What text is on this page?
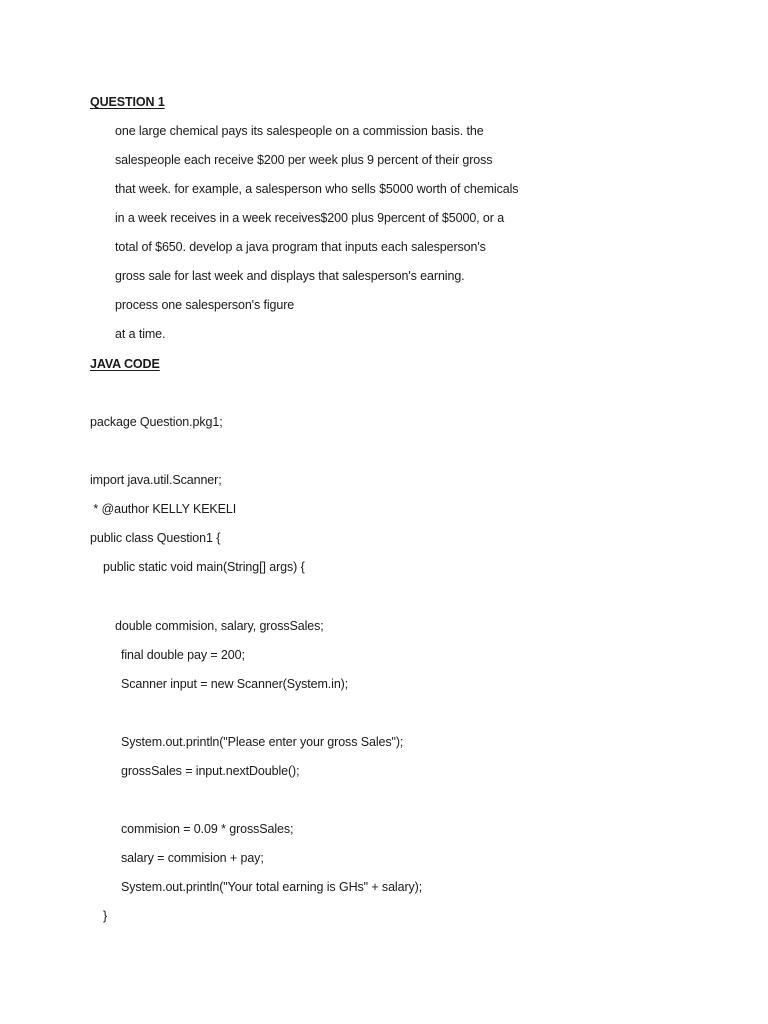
QUESTION 1
one large chemical pays its salespeople on a commission basis. the
salespeople each receive $200 per week plus 9 percent of their gross
that week. for example, a salesperson who sells $5000 worth of chemicals
in a week receives in a week receives$200 plus 9percent of $5000, or a
total of $650. develop a java program that inputs each salesperson's
gross sale for last week and displays that salesperson's earning.
process one salesperson's figure
at a time.
JAVA CODE
package Question.pkg1;
import java.util.Scanner;
* @author KELLY KEKELI
public class Question1 {
public static void main(String[] args) {
double commision, salary, grossSales;
final double pay = 200;
Scanner input = new Scanner(System.in);
System.out.println("Please enter your gross Sales");
grossSales = input.nextDouble();
commision = 0.09 * grossSales;
salary = commision + pay;
System.out.println("Your total earning is GHs" + salary);
}
